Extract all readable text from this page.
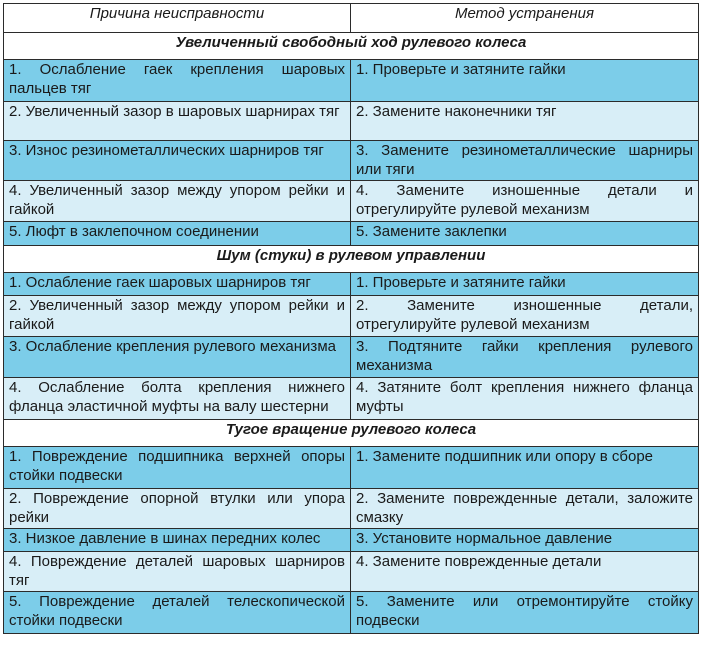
Причина неисправности	Метод устранения
Увеличенный свободный ход рулевого колеса	
1. Ослабление гаек крепления шаровых пальцев тяг	1. Проверьте и затяните гайки
2. Увеличенный зазор в шаровых шарнирах тяг	2. Замените наконечники тяг
3. Износ резинометаллических шарниров тяг	3. Замените резинометаллические шарниры или тяги
4. Увеличенный зазор между упором рейки и гайкой	4. Замените изношенные детали и отрегулируйте рулевой механизм
5. Люфт в заклепочном соединении	5. Замените заклепки
Шум (стуки) в рулевом управлении	
1. Ослабление гаек шаровых шарниров тяг	1. Проверьте и затяните гайки
2. Увеличенный зазор между упором рейки и гайкой	2. Замените изношенные детали, отрегулируйте рулевой механизм
3. Ослабление крепления рулевого механизма	3. Подтяните гайки крепления рулевого механизма
4. Ослабление болта крепления нижнего фланца эластичной муфты на валу шестерни	4. Затяните болт крепления нижнего фланца муфты
Тугое вращение рулевого колеса	
1. Повреждение подшипника верхней опоры стойки подвески	1. Замените подшипник или опору в сборе
2. Повреждение опорной втулки или упора рейки	2. Замените поврежденные детали, заложите смазку
3. Низкое давление в шинах передних колес	3. Установите нормальное давление
4. Повреждение деталей шаровых шарниров тяг	4. Замените поврежденные детали
5. Повреждение деталей телескопической стойки подвески	5. Замените или отремонтируйте стойку подвески
